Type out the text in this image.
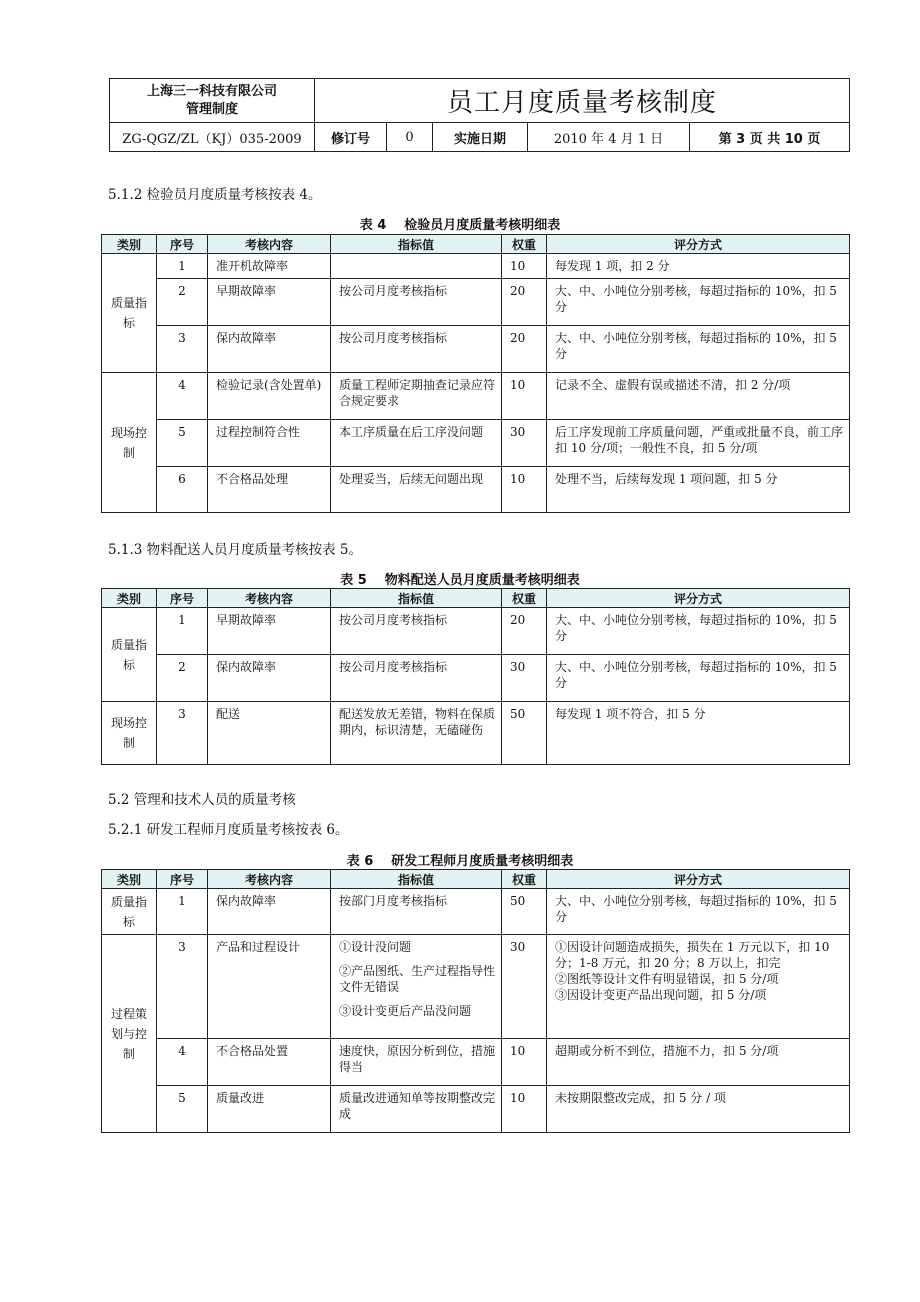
上海三一科技有限公司
管理制度	员工月度质量考核制度				
ZG-QGZ/ZL（KJ）035-2009	修订号	0	实施日期	2010 年 4 月 1 日	第 3 页 共 10 页
5.1.2 检验员月度质量考核按表 4。
表 4 检验员月度质量考核明细表
类别	序号	考核内容	指标值	权重	评分方式
质量指标	1	准开机故障率		10	每发现 1 项，扣 2 分
	2	早期故障率	按公司月度考核指标	20	大、中、小吨位分别考核，每超过指标的 10%，扣 5 分
	3	保内故障率	按公司月度考核指标	20	大、中、小吨位分别考核，每超过指标的 10%，扣 5 分
现场控制	4	检验记录(含处置单)	质量工程师定期抽查记录应符合规定要求	10	记录不全、虚假有误或描述不清，扣 2 分/项
	5	过程控制符合性	本工序质量在后工序没问题	30	后工序发现前工序质量问题，严重或批量不良，前工序扣 10 分/项；一般性不良，扣 5 分/项
	6	不合格品处理	处理妥当，后续无问题出现	10	处理不当，后续每发现 1 项问题，扣 5 分
5.1.3 物料配送人员月度质量考核按表 5。
表 5 物料配送人员月度质量考核明细表
类别	序号	考核内容	指标值	权重	评分方式
质量指标	1	早期故障率	按公司月度考核指标	20	大、中、小吨位分别考核，每超过指标的 10%，扣 5 分
	2	保内故障率	按公司月度考核指标	30	大、中、小吨位分别考核，每超过指标的 10%，扣 5 分
现场控制	3	配送	配送发放无差错，物料在保质期内，标识清楚，无磕碰伤	50	每发现 1 项不符合，扣 5 分
5.2 管理和技术人员的质量考核
5.2.1 研发工程师月度质量考核按表 6。
表 6 研发工程师月度质量考核明细表
类别	序号	考核内容	指标值	权重	评分方式
质量指标	1	保内故障率	按部门月度考核指标	50	大、中、小吨位分别考核，每超过指标的 10%，扣 5 分
过程策划与控制	3	产品和过程设计	①设计没问题
②产品图纸、生产过程指导性文件无错误
③设计变更后产品没问题	30	①因设计问题造成损失，损失在 1 万元以下，扣 10 分；1-8 万元，扣 20 分；8 万以上，扣完
②图纸等设计文件有明显错误，扣 5 分/项
③因设计变更产品出现问题，扣 5 分/项

	4	不合格品处置	速度快，原因分析到位，措施得当	10	超期或分析不到位，措施不力，扣 5 分/项
	5	质量改进	质量改进通知单等按期整改完成	10	未按期限整改完成，扣 5 分 / 项
